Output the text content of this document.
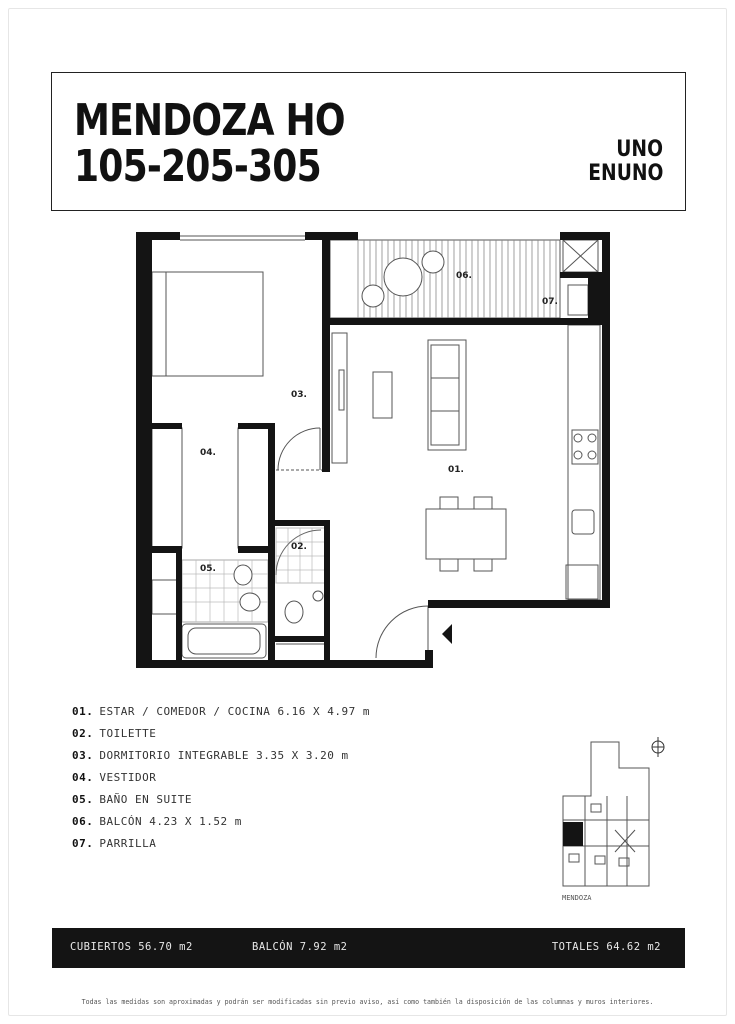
MENDOZA HO
105-205-305	UNO
ENUNO
01.
02.
03.
04.
05.
06.
07.
01. ESTAR / COMEDOR / COCINA 6.16 X 4.97 m
02. TOILETTE
03. DORMITORIO INTEGRABLE 3.35 X 3.20 m
04. VESTIDOR
05. BAÑO EN SUITE
06. BALCÓN 4.23 X 1.52 m
07. PARRILLA
MENDOZA
CUBIERTOS 56.70 m2	BALCÓN 7.92 m2	TOTALES 64.62 m2
Todas las medidas son aproximadas y podrán ser modificadas sin previo aviso, así como también la disposición de las columnas y muros interiores.
